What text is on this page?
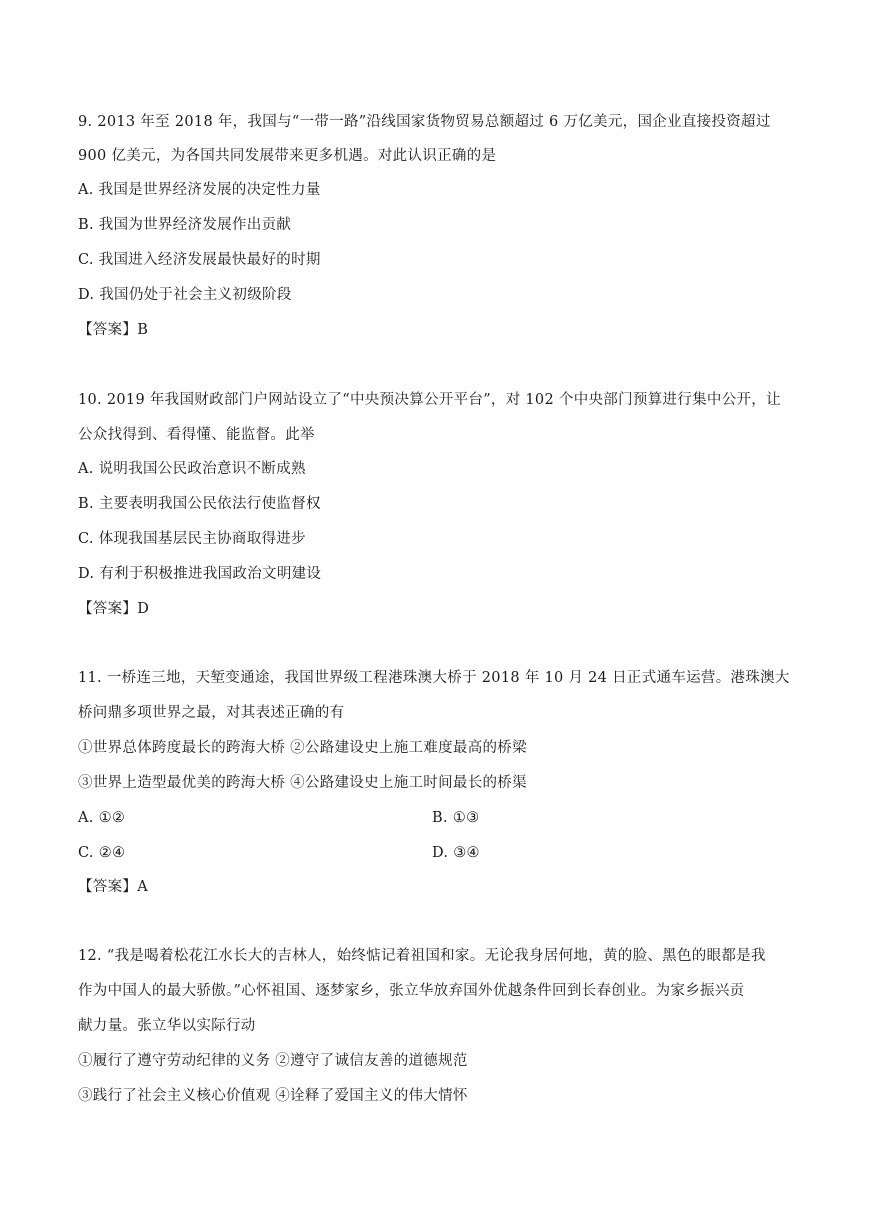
9. 2013 年至 2018 年，我国与“一带一路”沿线国家货物贸易总额超过 6 万亿美元，国企业直接投资超过
900 亿美元，为各国共同发展带来更多机遇。对此认识正确的是
A. 我国是世界经济发展的决定性力量
B. 我国为世界经济发展作出贡献
C. 我国进入经济发展最快最好的时期
D. 我国仍处于社会主义初级阶段
【答案】B
10. 2019 年我国财政部门户网站设立了“中央预决算公开平台”，对 102 个中央部门预算进行集中公开，让
公众找得到、看得懂、能监督。此举
A. 说明我国公民政治意识不断成熟
B. 主要表明我国公民依法行使监督权
C. 体现我国基层民主协商取得进步
D. 有利于积极推进我国政治文明建设
【答案】D
11. 一桥连三地，天堑变通途，我国世界级工程港珠澳大桥于 2018 年 10 月 24 日正式通车运营。港珠澳大
桥问鼎多项世界之最，对其表述正确的有
①世界总体跨度最长的跨海大桥 ②公路建设史上施工难度最高的桥梁
③世界上造型最优美的跨海大桥 ④公路建设史上施工时间最长的桥渠
A. ①②	B. ①③
C. ②④	D. ③④
【答案】A
12. “我是喝着松花江水长大的吉林人，始终惦记着祖国和家。无论我身居何地，黄的脸、黑色的眼都是我
作为中国人的最大骄傲。”心怀祖国、逐梦家乡，张立华放弃国外优越条件回到长春创业。为家乡振兴贡
献力量。张立华以实际行动
①履行了遵守劳动纪律的义务 ②遵守了诚信友善的道德规范
③践行了社会主义核心价值观 ④诠释了爱国主义的伟大情怀
